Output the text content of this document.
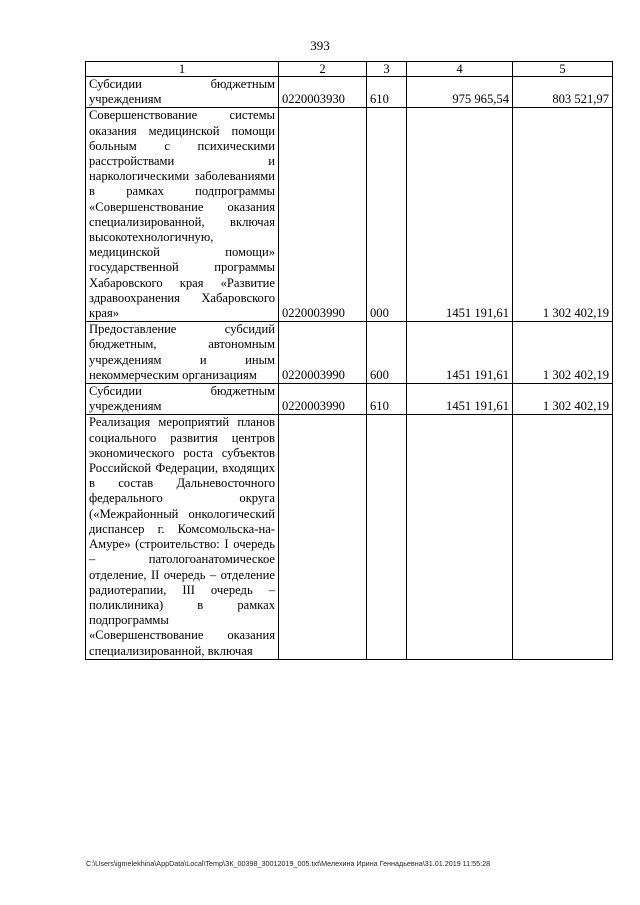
393
1	2	3	4	5
Субсидии бюджетным учреждениям	0220003930	610	975 965,54	803 521,97
Совершенствование системы оказания медицинской помощи больным с психическими расстройствами и наркологическими заболеваниями в рамках подпрограммы «Совершенствование оказания специализированной, включая высокотехнологичную, медицинской помощи» государственной программы Хабаровского края «Развитие здравоохранения Хабаровского края»	0220003990	000	1451 191,61	1 302 402,19
Предоставление субсидий бюджетным, автономным учреждениям и иным некоммерческим организациям	0220003990	600	1451 191,61	1 302 402,19
Субсидии бюджетным учреждениям	0220003990	610	1451 191,61	1 302 402,19
Реализация мероприятий планов социального развития центров экономического роста субъектов Российской Федерации, входящих в состав Дальневосточного федерального округа («Межрайонный онкологический диспансер г. Комсомольска-на-Амуре» (строительство: I очередь – патологоанатомическое отделение, II очередь – отделение радиотерапии, III очередь – поликлиника) в рамках подпрограммы «Совершенствование оказания специализированной, включая				
C:\Users\igmelekhina\AppData\Local\Temp\ЗК_00398_30012019_005.txt\Мелехина Ирина Геннадьевна\31.01.2019 11:55:28
